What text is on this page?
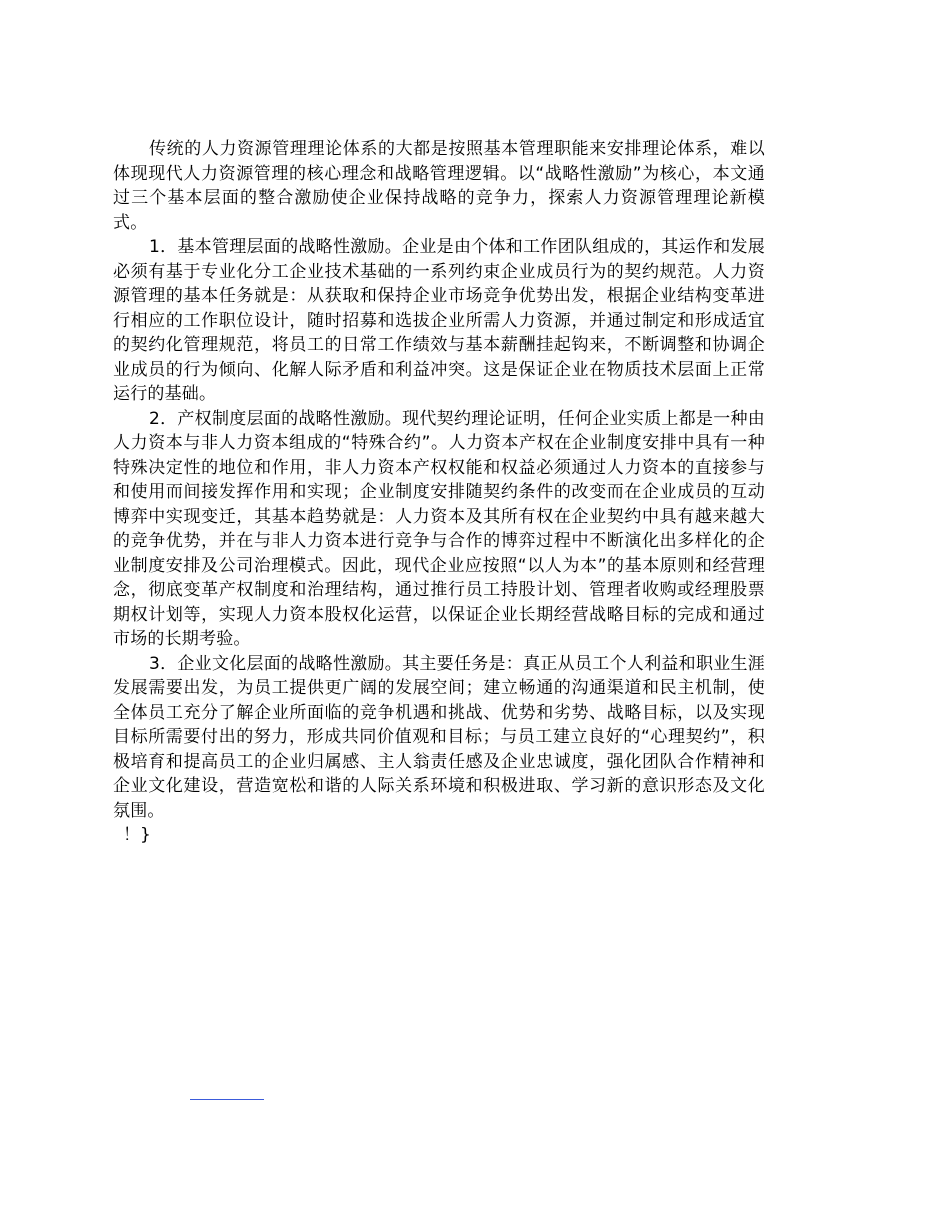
传统的人力资源管理理论体系的大都是按照基本管理职能来安排理论体系，难以体现现代人力资源管理的核心理念和战略管理逻辑。以“战略性激励”为核心，本文通过三个基本层面的整合激励使企业保持战略的竞争力，探索人力资源管理理论新模式。

1．基本管理层面的战略性激励。企业是由个体和工作团队组成的，其运作和发展必须有基于专业化分工企业技术基础的一系列约束企业成员行为的契约规范。人力资源管理的基本任务就是：从获取和保持企业市场竞争优势出发，根据企业结构变革进行相应的工作职位设计，随时招募和选拔企业所需人力资源，并通过制定和形成适宜的契约化管理规范，将员工的日常工作绩效与基本薪酬挂起钩来，不断调整和协调企业成员的行为倾向、化解人际矛盾和利益冲突。这是保证企业在物质技术层面上正常运行的基础。

2．产权制度层面的战略性激励。现代契约理论证明，任何企业实质上都是一种由人力资本与非人力资本组成的“特殊合约”。人力资本产权在企业制度安排中具有一种特殊决定性的地位和作用，非人力资本产权权能和权益必须通过人力资本的直接参与和使用而间接发挥作用和实现；企业制度安排随契约条件的改变而在企业成员的互动博弈中实现变迁，其基本趋势就是：人力资本及其所有权在企业契约中具有越来越大的竞争优势，并在与非人力资本进行竞争与合作的博弈过程中不断演化出多样化的企业制度安排及公司治理模式。因此，现代企业应按照“以人为本”的基本原则和经营理念，彻底变革产权制度和治理结构，通过推行员工持股计划、管理者收购或经理股票期权计划等，实现人力资本股权化运营，以保证企业长期经营战略目标的完成和通过市场的长期考验。

3．企业文化层面的战略性激励。其主要任务是：真正从员工个人利益和职业生涯发展需要出发，为员工提供更广阔的发展空间；建立畅通的沟通渠道和民主机制，使全体员工充分了解企业所面临的竞争机遇和挑战、优势和劣势、战略目标，以及实现目标所需要付出的努力，形成共同价值观和目标；与员工建立良好的“心理契约”，积极培育和提高员工的企业归属感、主人翁责任感及企业忠诚度，强化团队合作精神和企业文化建设，营造宽松和谐的人际关系环境和积极进取、学习新的意识形态及文化氛围。

！}
